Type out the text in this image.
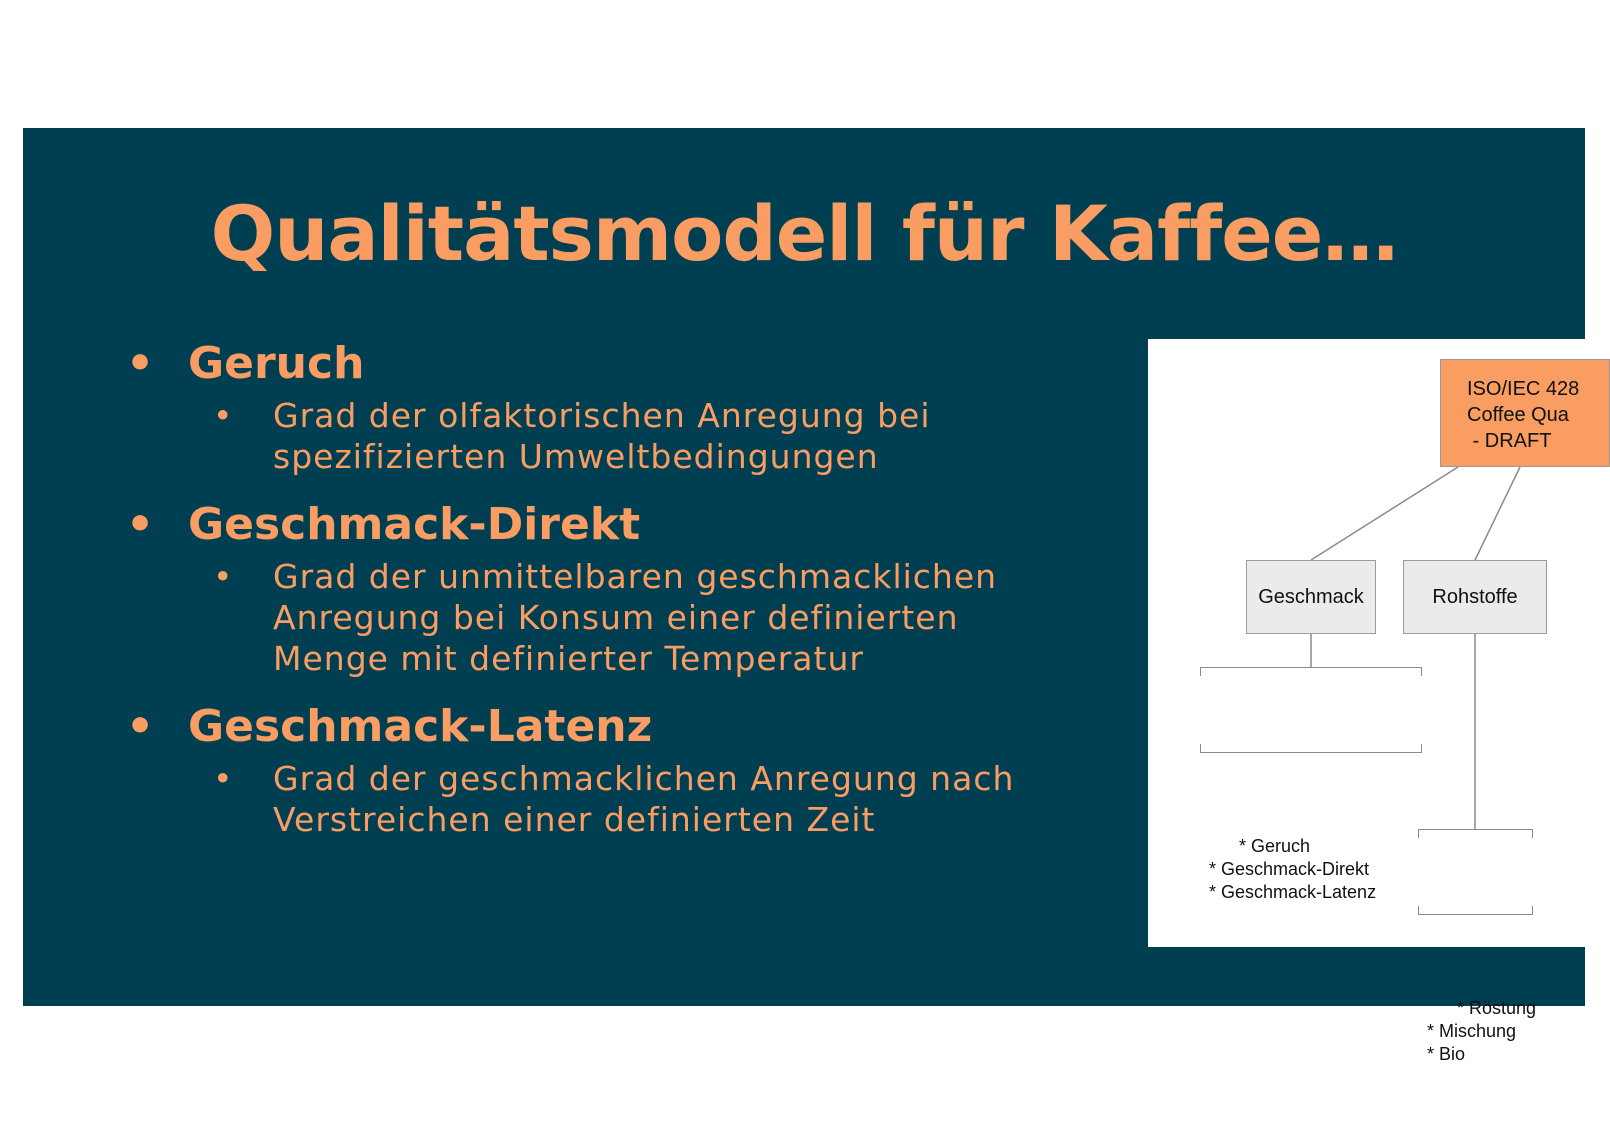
Qualitätsmodell für Kaffee…
• Geruch
• Grad der olfaktorischen Anregung bei
spezifizierten Umweltbedingungen
• Geschmack-Direkt
• Grad der unmittelbaren geschmacklichen
Anregung bei Konsum einer definierten
Menge mit definierter Temperatur
• Geschmack-Latenz
• Grad der geschmacklichen Anregung nach
Verstreichen einer definierten Zeit
ISO/IEC 428
Coffee Qua
- DRAFT
Geschmack	Rohstoffe

* Geruch
* Geschmack-Direkt
* Geschmack-Latenz

* Röstung
* Mischung
* Bio
